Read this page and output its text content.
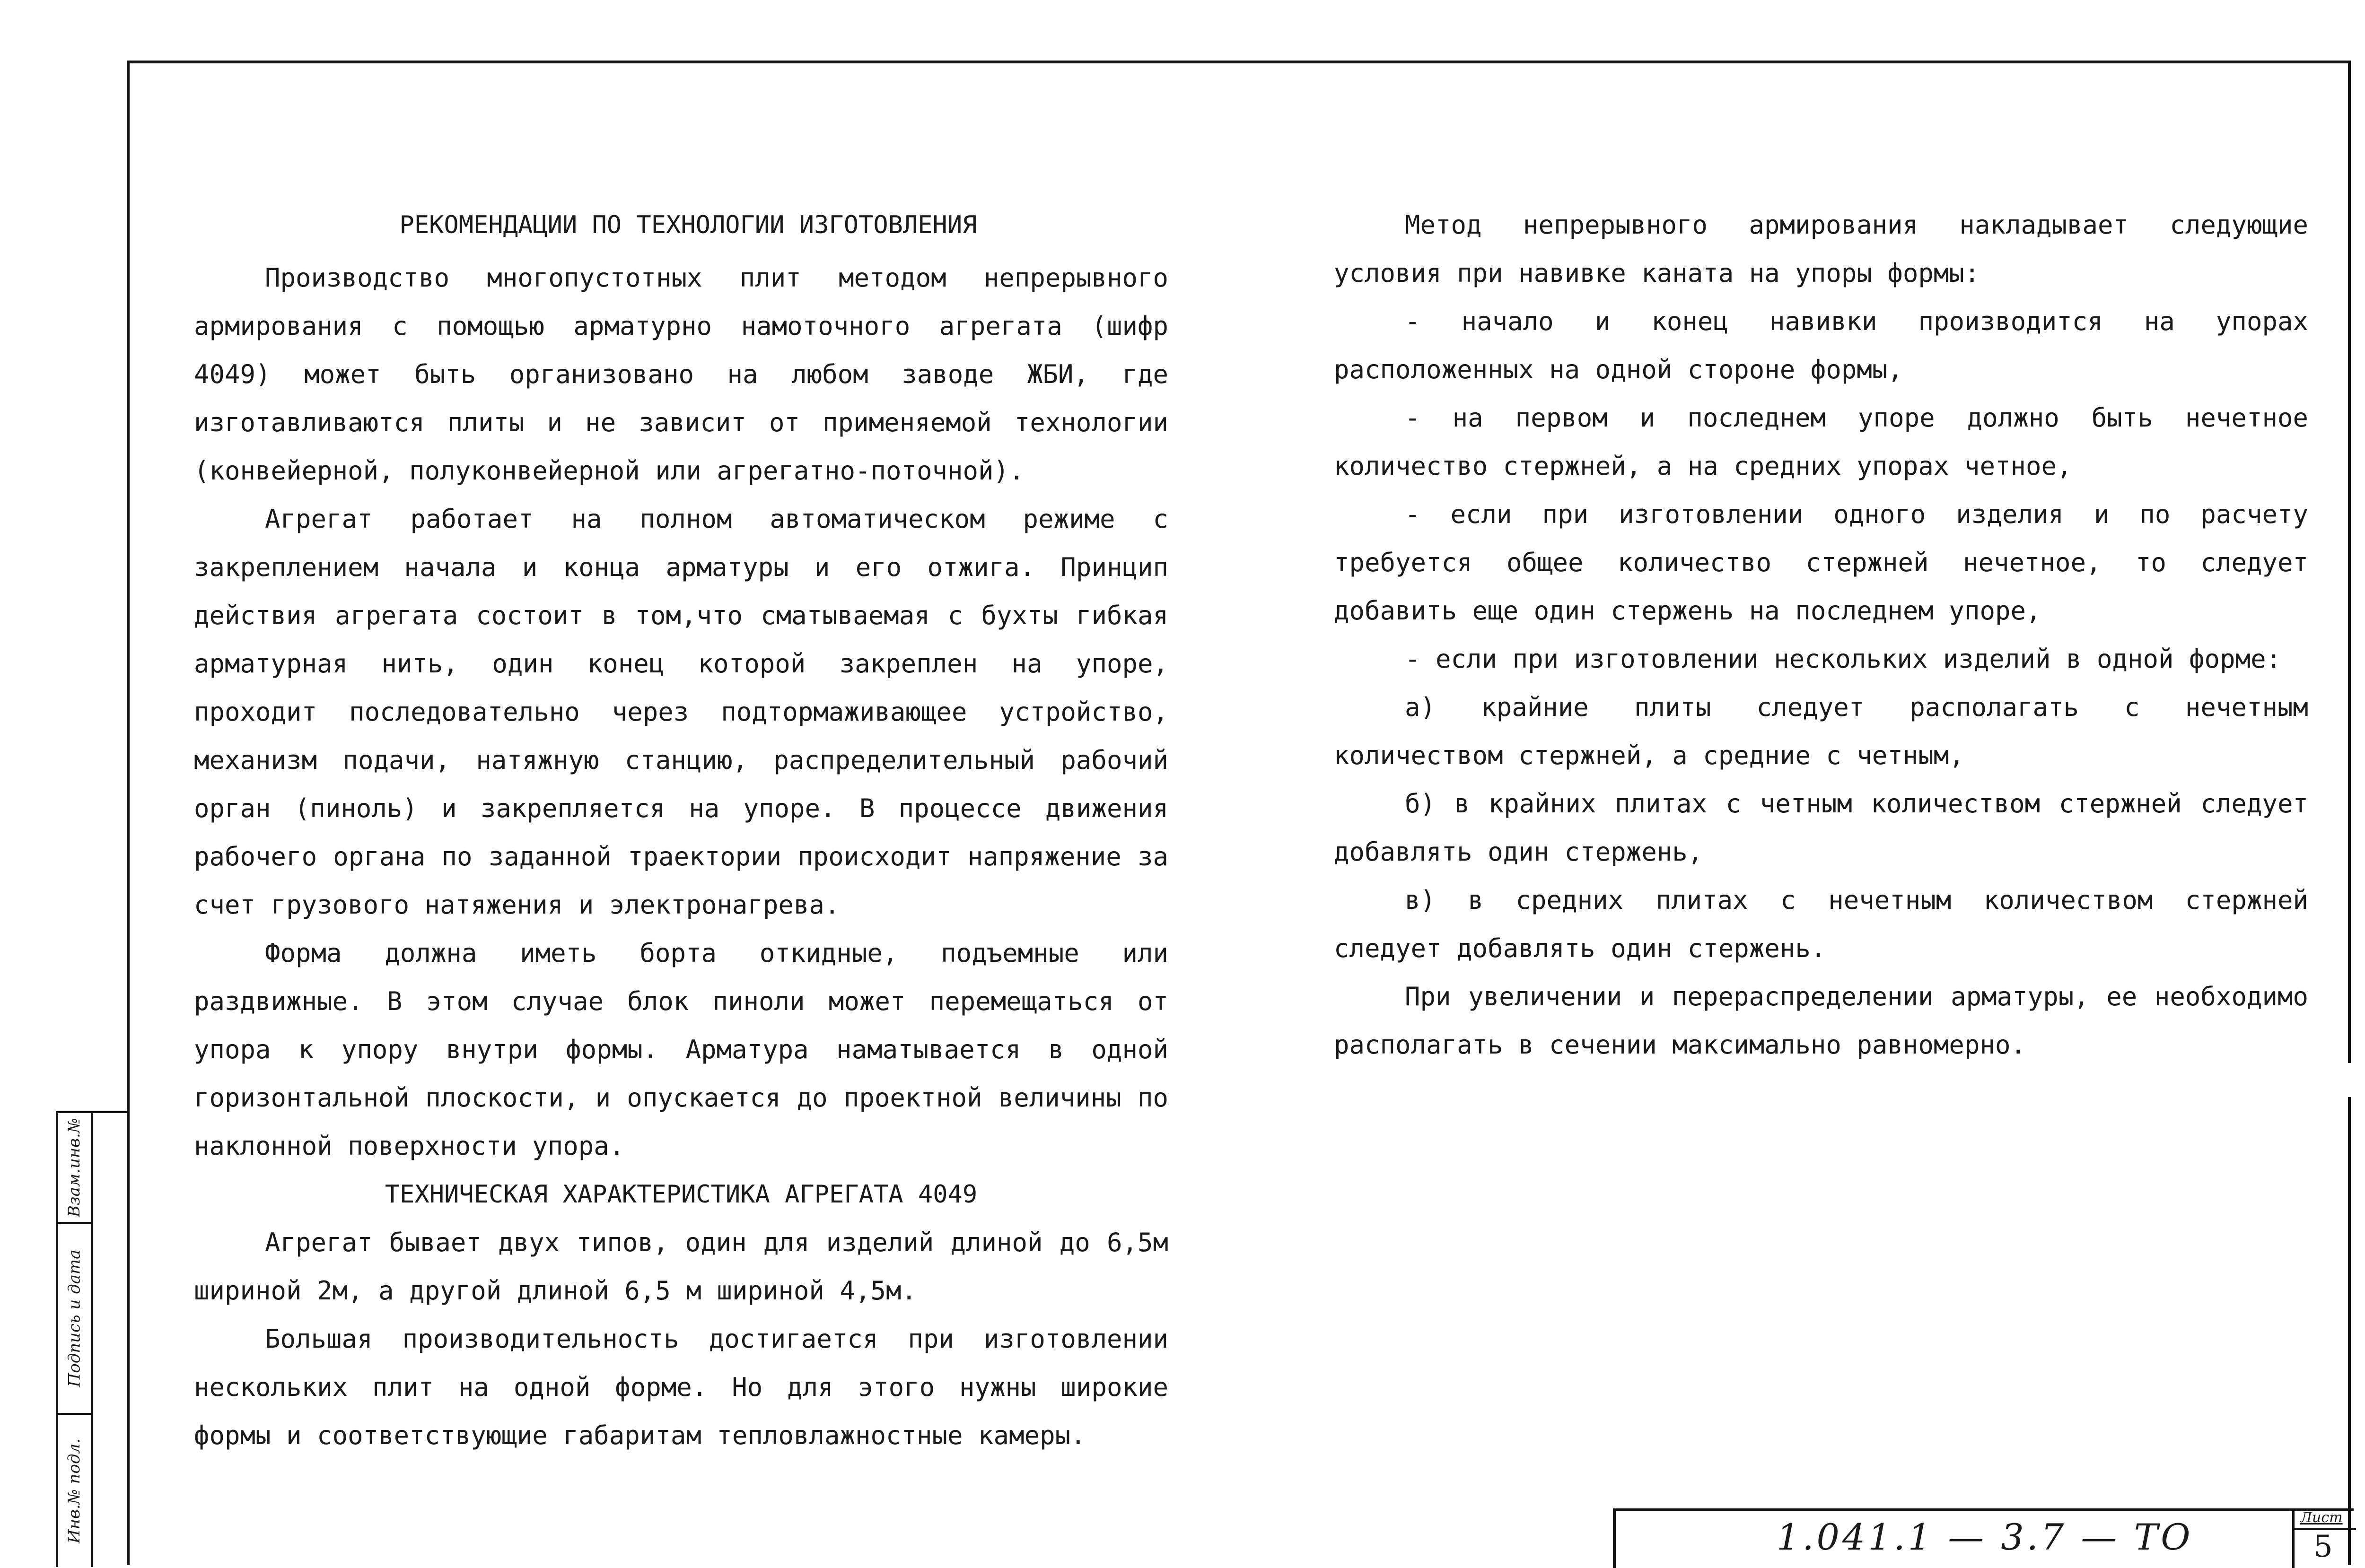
РЕКОМЕНДАЦИИ ПО ТЕХНОЛОГИИ ИЗГОТОВЛЕНИЯ

Производство многопустотных плит методом непрерывного армирования с помощью арматурно намоточного агрегата (шифр 4049) может быть организовано на любом заводе ЖБИ, где изготавливаются плиты и не зависит от применяемой технологии (конвейерной, полуконвейерной или агрегатно-поточной).

Агрегат работает на полном автоматическом режиме с закреплением начала и конца арматуры и его отжига. Принцип действия агрегата состоит в том,что сматываемая с бухты гибкая арматурная нить, один конец которой закреплен на упоре, проходит последовательно через подтормаживающее устройство, механизм подачи, натяжную станцию, распределительный рабочий орган (пиноль) и закрепляется на упоре. В процессе движения рабочего органа по заданной траектории происходит напряжение за счет грузового натяжения и электронагрева.

Форма должна иметь борта откидные, подъемные или раздвижные. В этом случае блок пиноли может перемещаться от упора к упору внутри формы. Арматура наматывается в одной горизонтальной плоскости, и опускается до проектной величины по наклонной поверхности упора.

ТЕХНИЧЕСКАЯ ХАРАКТЕРИСТИКА АГРЕГАТА 4049

Агрегат бывает двух типов, один для изделий длиной до 6,5м шириной 2м, а другой длиной 6,5 м шириной 4,5м.

Большая производительность достигается при изготовлении нескольких плит на одной форме. Но для этого нужны широкие формы и соответствующие габаритам тепловлажностные камеры.

Метод непрерывного армирования накладывает следующие условия при навивке каната на упоры формы:

- начало и конец навивки производится на упорах расположенных на одной стороне формы,

- на первом и последнем упоре должно быть нечетное количество стержней, а на средних упорах четное,

- если при изготовлении одного изделия и по расчету требуется общее количество стержней нечетное, то следует добавить еще один стержень на последнем упоре,

- если при изготовлении нескольких изделий в одной форме:

а) крайние плиты следует располагать с нечетным количеством стержней, а средние с четным,

б) в крайних плитах с четным количеством стержней следует добавлять один стержень,

в) в средних плитах с нечетным количеством стержней следует добавлять один стержень.

При увеличении и перераспределении арматуры, ее необходимо располагать в сечении максимально равномерно.

Взам.инв.№
Подпись и дата
Инв.№ подл.	1.041.1 — 3.7 — ТО	Лист
5
